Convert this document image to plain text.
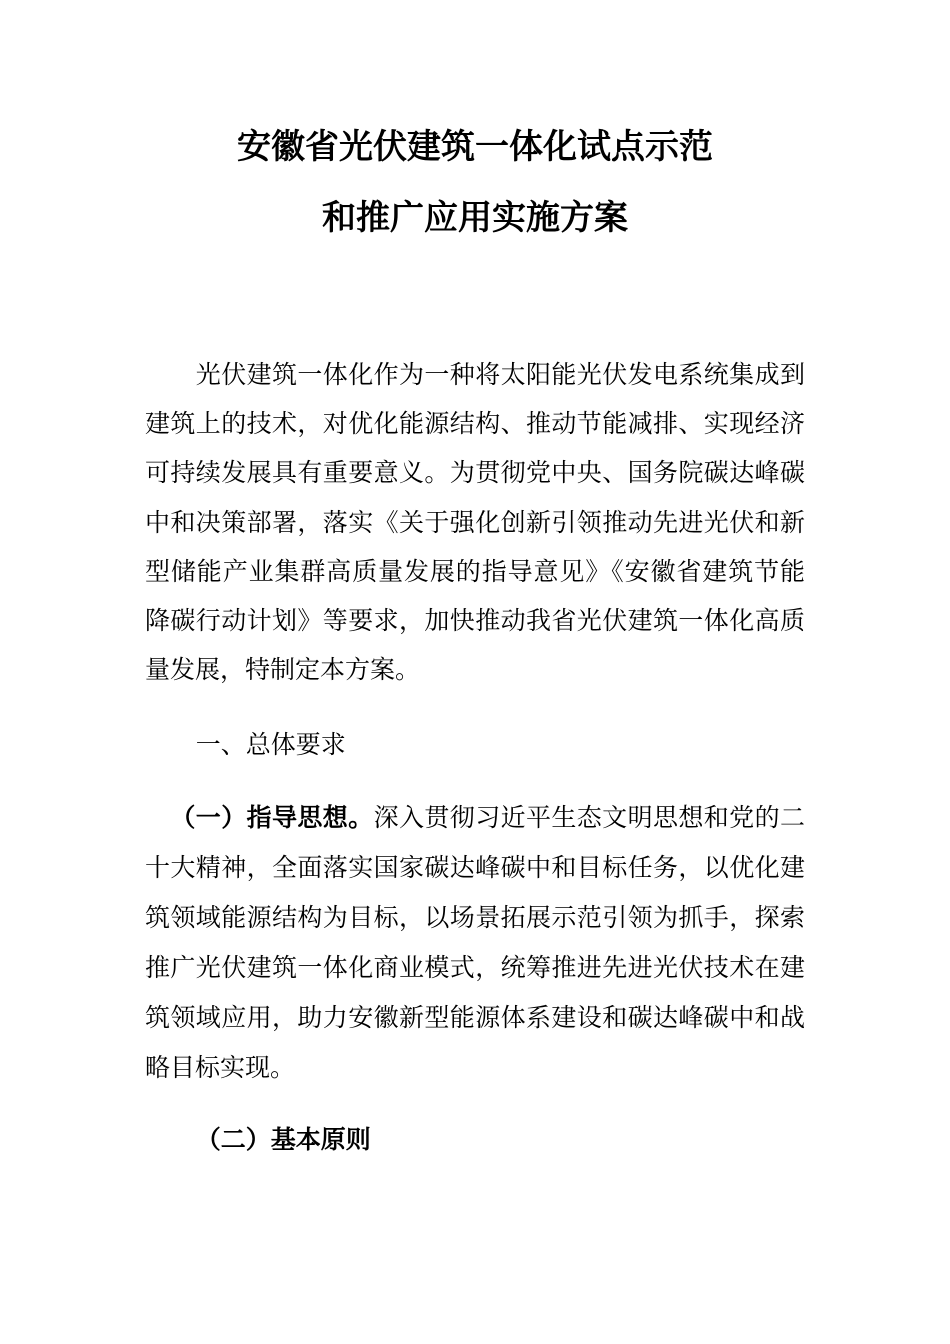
安徽省光伏建筑一体化试点示范
和推广应用实施方案
光伏建筑一体化作为一种将太阳能光伏发电系统集成到
建筑上的技术，对优化能源结构、推动节能减排、实现经济
可持续发展具有重要意义。为贯彻党中央、国务院碳达峰碳
中和决策部署，落实《关于强化创新引领推动先进光伏和新
型储能产业集群高质量发展的指导意见》《安徽省建筑节能
降碳行动计划》等要求，加快推动我省光伏建筑一体化高质
量发展，特制定本方案。
一、总体要求
（一）指导思想。深入贯彻习近平生态文明思想和党的二
十大精神，全面落实国家碳达峰碳中和目标任务，以优化建
筑领域能源结构为目标，以场景拓展示范引领为抓手，探索
推广光伏建筑一体化商业模式，统筹推进先进光伏技术在建
筑领域应用，助力安徽新型能源体系建设和碳达峰碳中和战
略目标实现。
（二）基本原则
